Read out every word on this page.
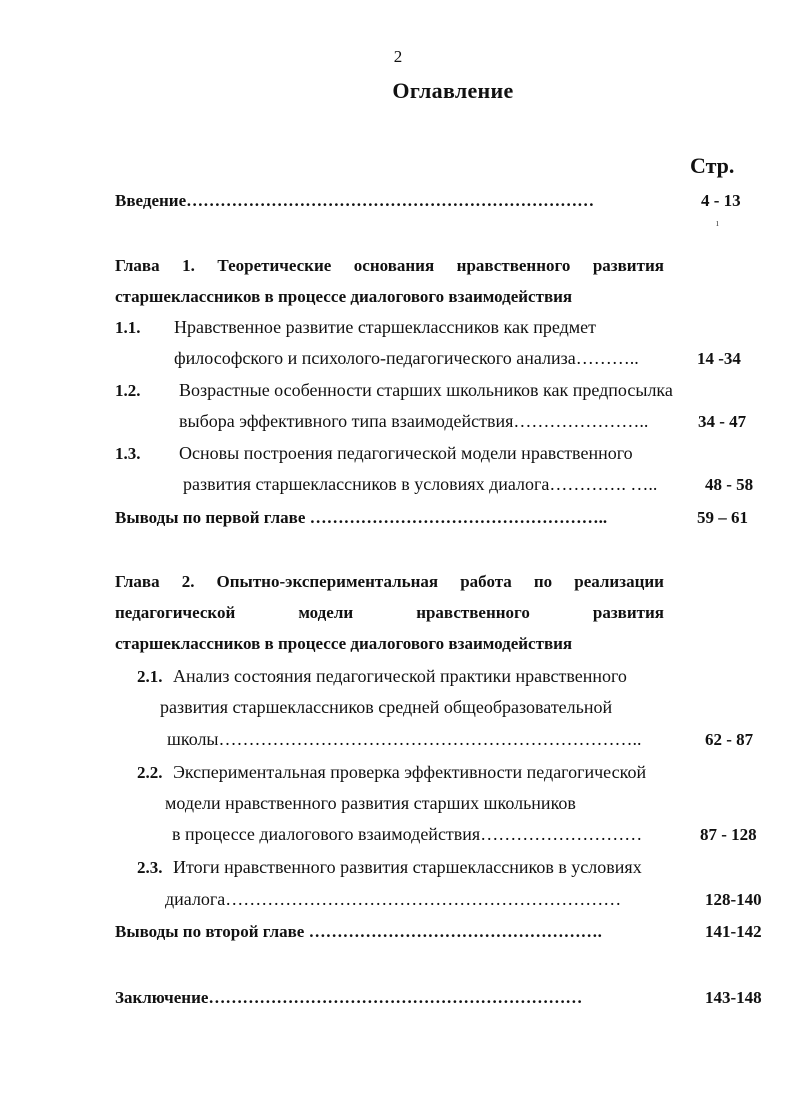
2
Оглавление
Стр.
Введение………………………………………………………………	4 - 13
ı
Глава 1. Теоретические основания нравственного развития
старшеклассников в процессе диалогового взаимодействия
1.1. Нравственное развитие старшеклассников как предмет
философского и психолого-педагогического анализа………..	14 -34
1.2. Возрастные особенности старших школьников как предпосылка
выбора эффективного типа взаимодействия…………………..	34 - 47
1.3. Основы построения педагогической модели нравственного
развития старшеклассников в условиях диалога…………. …..	48 - 58
Выводы по первой главе ……………………………………………..	59 – 61
Глава 2. Опытно-экспериментальная работа по реализации
педагогической	модели	нравственного	развития
старшеклассников в процессе диалогового взаимодействия
2.1. Анализ состояния педагогической практики нравственного
развития старшеклассников средней общеобразовательной
школы……………………………………………………………..	62 - 87
2.2. Экспериментальная проверка эффективности педагогической
модели нравственного развития старших школьников
в процессе диалогового взаимодействия………………………	87 - 128
2.3. Итоги нравственного развития старшеклассников в условиях
диалога…………………………………………………………	128-140
Выводы по второй главе …………………………………………….	141-142
Заключение…………………………………………………………	143-148
